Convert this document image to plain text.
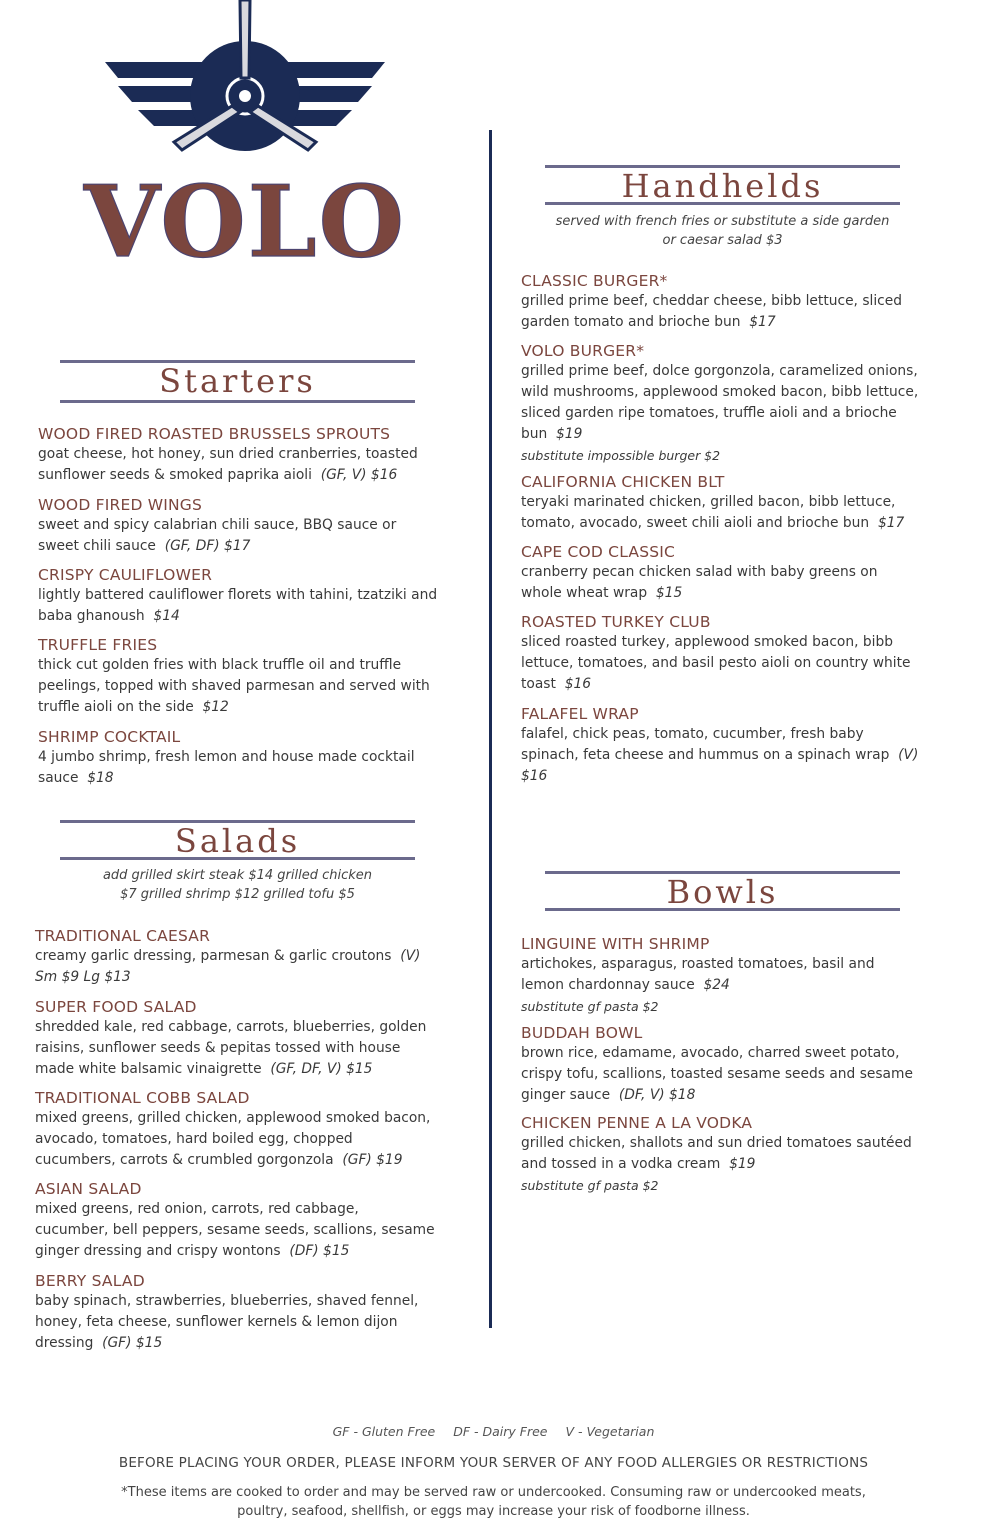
VOLO
Starters
WOOD FIRED ROASTED BRUSSELS SPROUTS
goat cheese, hot honey, sun dried cranberries, toasted sunflower seeds & smoked paprika aioli (GF, V) $16
WOOD FIRED WINGS
sweet and spicy calabrian chili sauce, BBQ sauce or sweet chili sauce (GF, DF) $17
CRISPY CAULIFLOWER
lightly battered cauliflower florets with tahini, tzatziki and baba ghanoush $14
TRUFFLE FRIES
thick cut golden fries with black truffle oil and truffle peelings, topped with shaved parmesan and served with truffle aioli on the side $12
SHRIMP COCKTAIL
4 jumbo shrimp, fresh lemon and house made cocktail sauce $18
Salads
add grilled skirt steak $14 grilled chicken $7 grilled shrimp $12 grilled tofu $5
TRADITIONAL CAESAR
creamy garlic dressing, parmesan & garlic croutons (V) Sm $9 Lg $13
SUPER FOOD SALAD
shredded kale, red cabbage, carrots, blueberries, golden raisins, sunflower seeds & pepitas tossed with house made white balsamic vinaigrette (GF, DF, V) $15
TRADITIONAL COBB SALAD
mixed greens, grilled chicken, applewood smoked bacon, avocado, tomatoes, hard boiled egg, chopped cucumbers, carrots & crumbled gorgonzola (GF) $19
ASIAN SALAD
mixed greens, red onion, carrots, red cabbage, cucumber, bell peppers, sesame seeds, scallions, sesame ginger dressing and crispy wontons (DF) $15
BERRY SALAD
baby spinach, strawberries, blueberries, shaved fennel, honey, feta cheese, sunflower kernels & lemon dijon dressing (GF) $15
Handhelds
served with french fries or substitute a side garden or caesar salad $3
CLASSIC BURGER*
grilled prime beef, cheddar cheese, bibb lettuce, sliced garden tomato and brioche bun $17
VOLO BURGER*
grilled prime beef, dolce gorgonzola, caramelized onions, wild mushrooms, applewood smoked bacon, bibb lettuce, sliced garden ripe tomatoes, truffle aioli and a brioche bun $19
substitute impossible burger $2
CALIFORNIA CHICKEN BLT
teryaki marinated chicken, grilled bacon, bibb lettuce, tomato, avocado, sweet chili aioli and brioche bun $17
CAPE COD CLASSIC
cranberry pecan chicken salad with baby greens on whole wheat wrap $15
ROASTED TURKEY CLUB
sliced roasted turkey, applewood smoked bacon, bibb lettuce, tomatoes, and basil pesto aioli on country white toast $16
FALAFEL WRAP
falafel, chick peas, tomato, cucumber, fresh baby spinach, feta cheese and hummus on a spinach wrap (V) $16
Bowls
LINGUINE WITH SHRIMP
artichokes, asparagus, roasted tomatoes, basil and lemon chardonnay sauce $24
substitute gf pasta $2
BUDDAH BOWL
brown rice, edamame, avocado, charred sweet potato, crispy tofu, scallions, toasted sesame seeds and sesame ginger sauce (DF, V) $18
CHICKEN PENNE A LA VODKA
grilled chicken, shallots and sun dried tomatoes sautéed and tossed in a vodka cream $19
substitute gf pasta $2
GF - Gluten Free DF - Dairy Free V - Vegetarian
BEFORE PLACING YOUR ORDER, PLEASE INFORM YOUR SERVER OF ANY FOOD ALLERGIES OR RESTRICTIONS
*These items are cooked to order and may be served raw or undercooked. Consuming raw or undercooked meats, poultry, seafood, shellfish, or eggs may increase your risk of foodborne illness.
